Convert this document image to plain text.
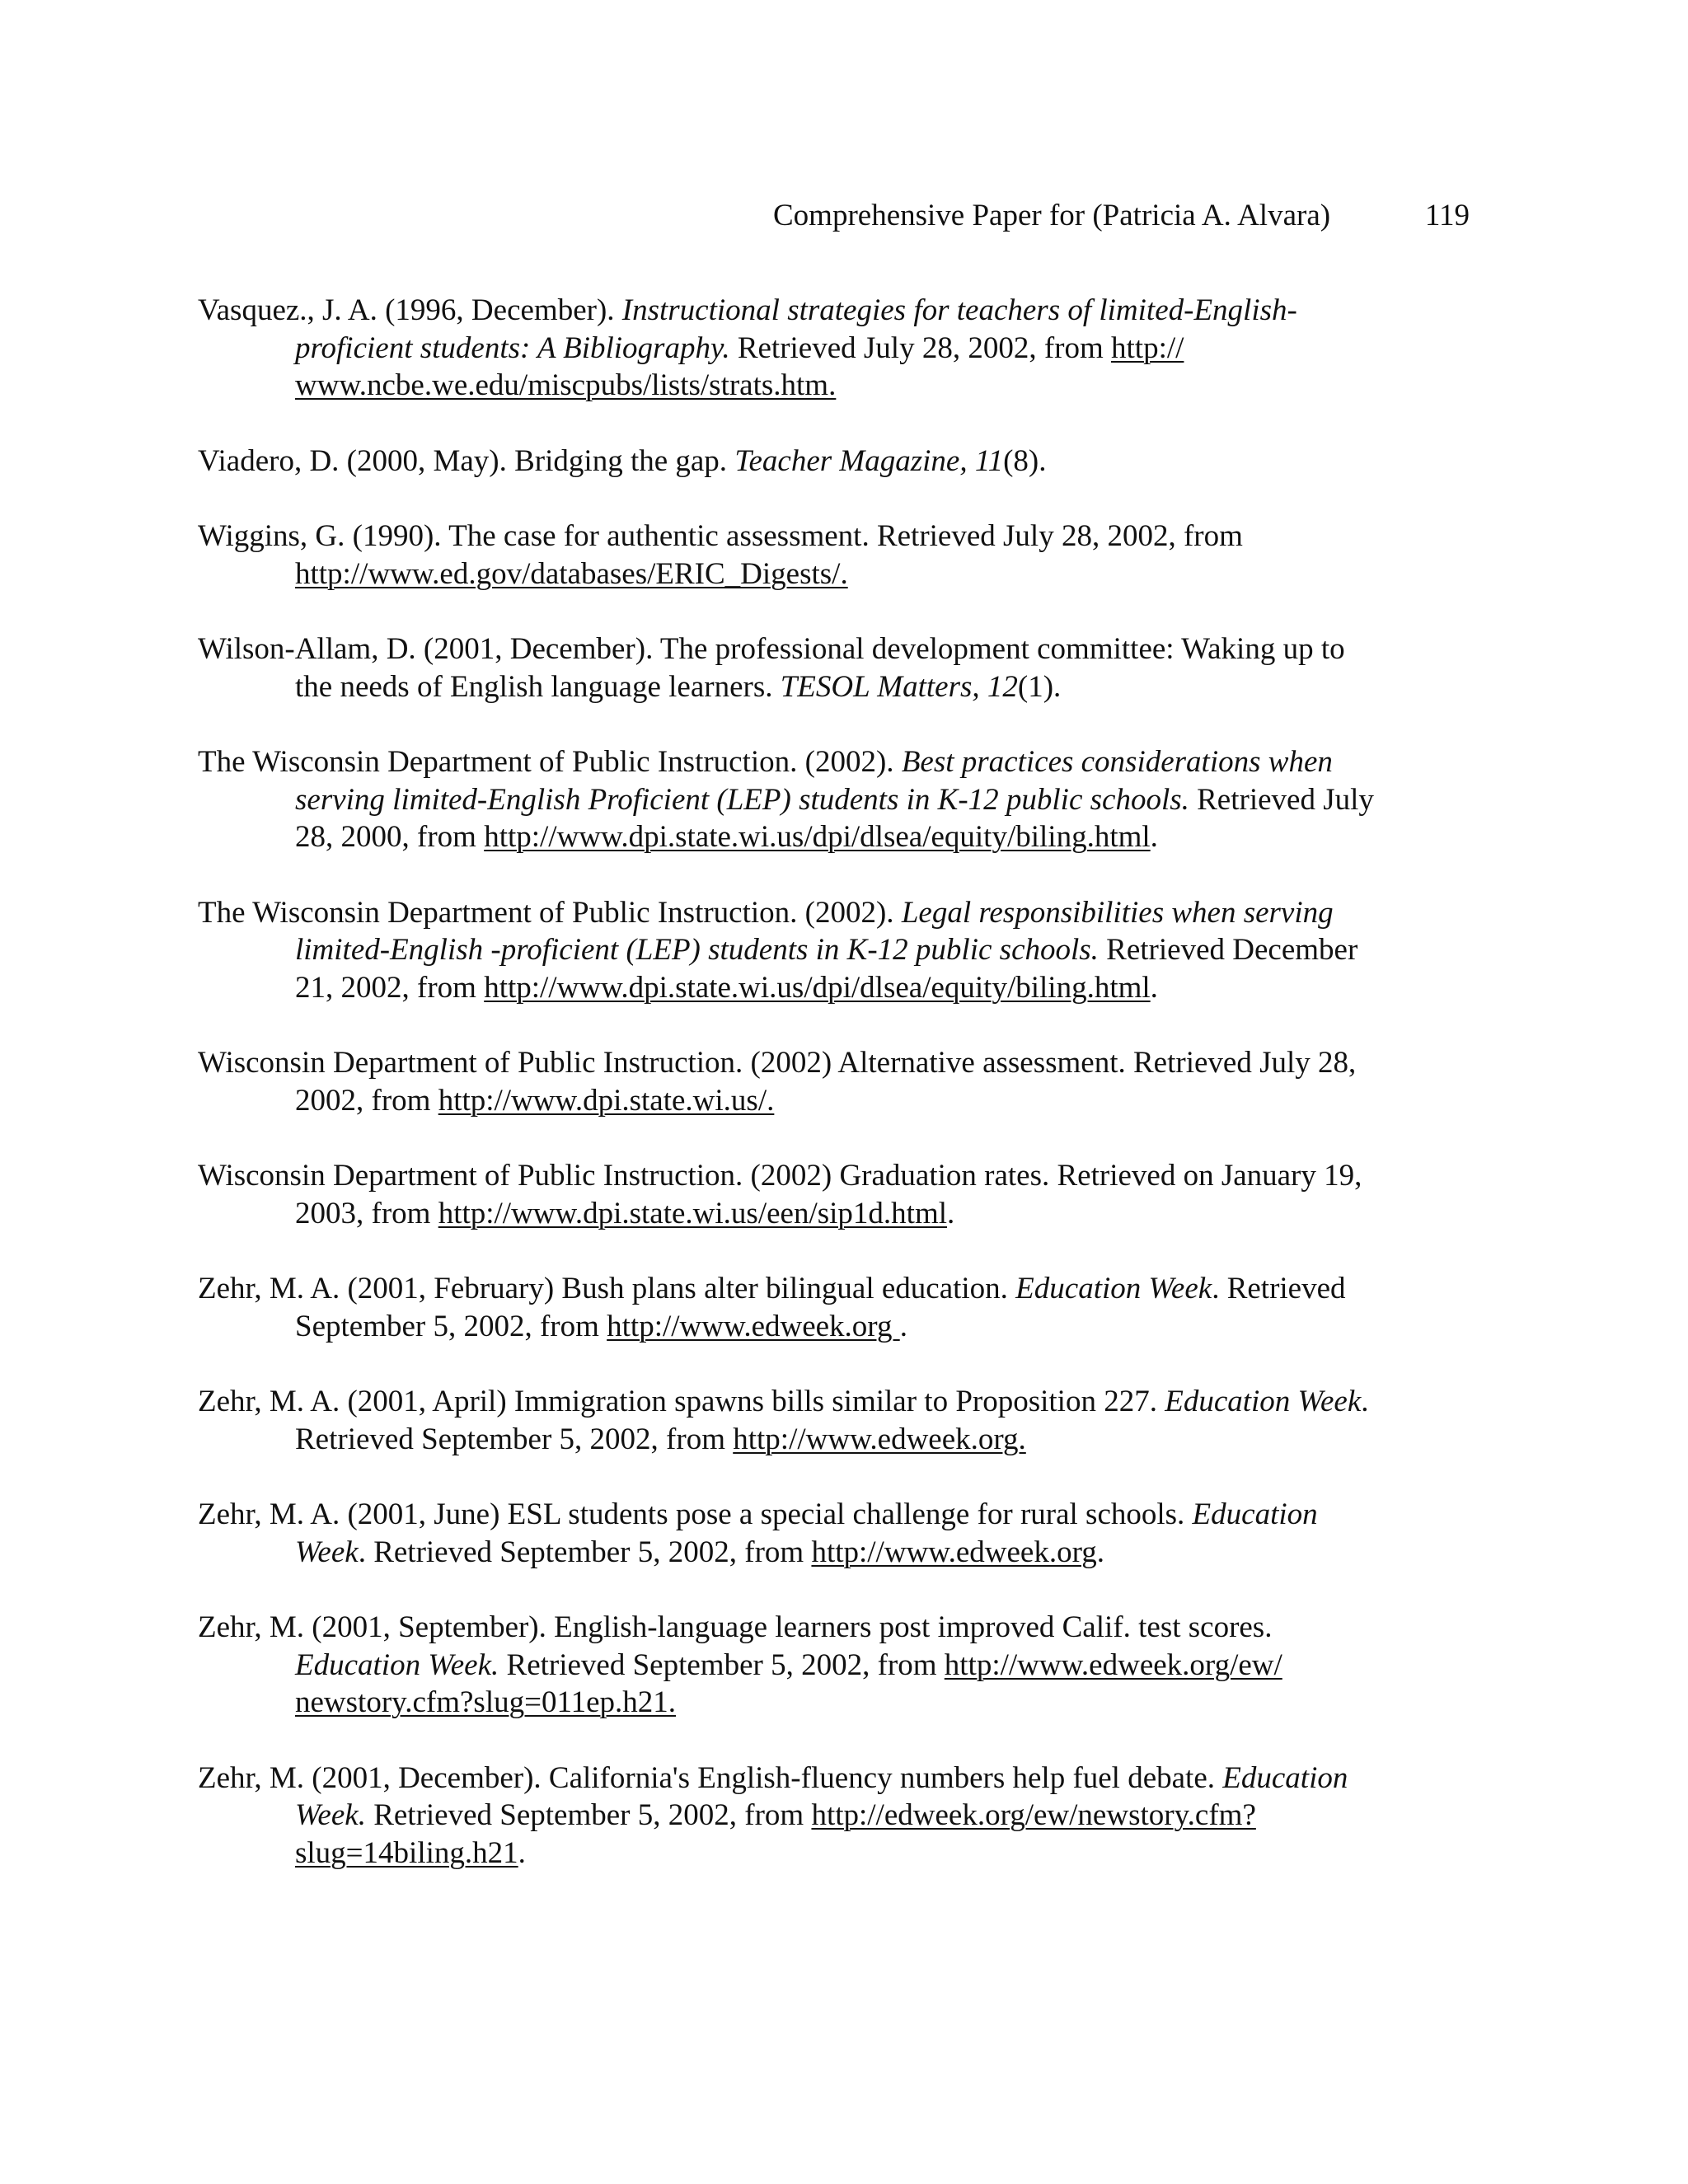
Comprehensive Paper for (Patricia A. Alvara)	119

Vasquez., J. A. (1996, December). Instructional strategies for teachers of limited-English-proficient students: A Bibliography. Retrieved July 28, 2002, from http:// www.ncbe.we.edu/miscpubs/lists/strats.htm.

Viadero, D. (2000, May). Bridging the gap. Teacher Magazine, 11(8).

Wiggins, G. (1990). The case for authentic assessment. Retrieved July 28, 2002, from http://www.ed.gov/databases/ERIC_Digests/.

Wilson-Allam, D. (2001, December). The professional development committee: Waking up to the needs of English language learners. TESOL Matters, 12(1).

The Wisconsin Department of Public Instruction. (2002). Best practices considerations when serving limited-English Proficient (LEP) students in K-12 public schools. Retrieved July 28, 2000, from http://www.dpi.state.wi.us/dpi/dlsea/equity/biling.html.

The Wisconsin Department of Public Instruction. (2002). Legal responsibilities when serving limited-English -proficient (LEP) students in K-12 public schools. Retrieved December 21, 2002, from http://www.dpi.state.wi.us/dpi/dlsea/equity/biling.html.

Wisconsin Department of Public Instruction. (2002) Alternative assessment. Retrieved July 28, 2002, from http://www.dpi.state.wi.us/.

Wisconsin Department of Public Instruction. (2002) Graduation rates. Retrieved on January 19, 2003, from http://www.dpi.state.wi.us/een/sip1d.html.

Zehr, M. A. (2001, February) Bush plans alter bilingual education. Education Week. Retrieved September 5, 2002, from http://www.edweek.org .

Zehr, M. A. (2001, April) Immigration spawns bills similar to Proposition 227. Education Week. Retrieved September 5, 2002, from http://www.edweek.org.

Zehr, M. A. (2001, June) ESL students pose a special challenge for rural schools. Education Week. Retrieved September 5, 2002, from http://www.edweek.org.

Zehr, M. (2001, September). English-language learners post improved Calif. test scores. Education Week. Retrieved September 5, 2002, from http://www.edweek.org/ew/ newstory.cfm?slug=011ep.h21.

Zehr, M. (2001, December). California's English-fluency numbers help fuel debate. Education Week. Retrieved September 5, 2002, from http://edweek.org/ew/newstory.cfm?slug=14biling.h21.
